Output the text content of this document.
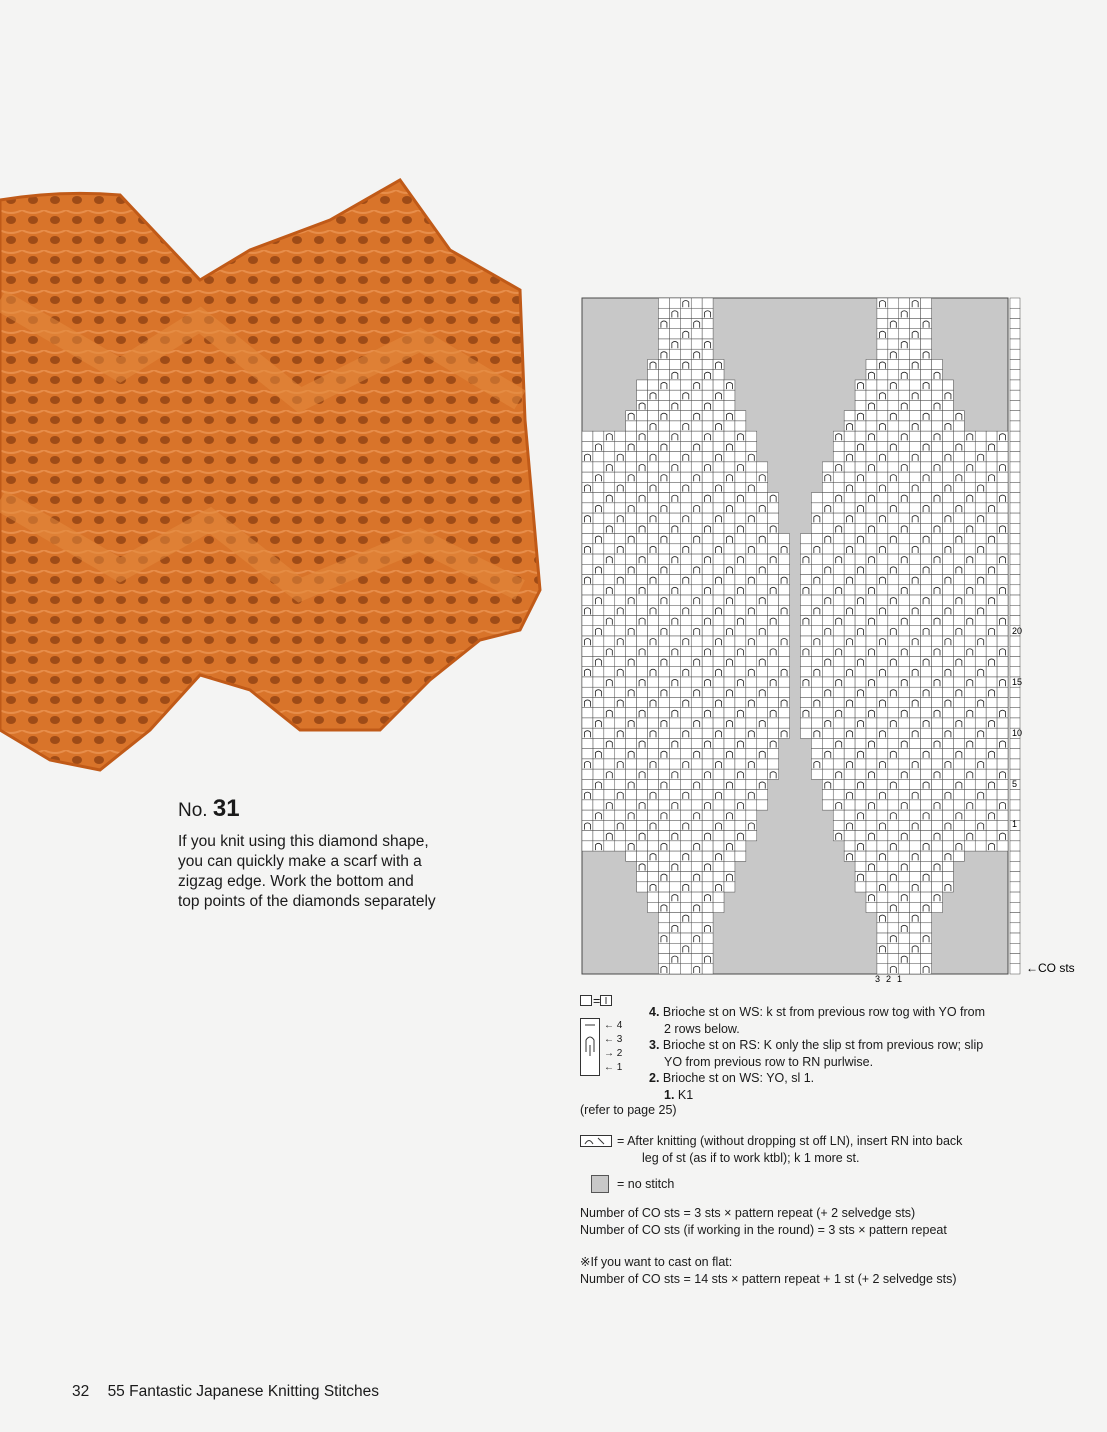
No. 31
If you knit using this diamond shape, you can quickly make a scarf with a zigzag edge. Work the bottom and top points of the diamonds separately
20
15
10
5
1
3 2 1
←CO sts
=
← 4
← 3
→ 2
← 1
4. Brioche st on WS: k st from previous row tog with YO from
2 rows below.
3. Brioche st on RS: K only the slip st from previous row; slip
YO from previous row to RN purlwise.
2. Brioche st on WS: YO, sl 1.
1. K1
(refer to page 25)
= After knitting (without dropping st off LN), insert RN into back
leg of st (as if to work ktbl); k 1 more st.
= no stitch
Number of CO sts = 3 sts × pattern repeat (+ 2 selvedge sts)
Number of CO sts (if working in the round) = 3 sts × pattern repeat
※If you want to cast on flat:
Number of CO sts = 14 sts × pattern repeat + 1 st (+ 2 selvedge sts)
32 55 Fantastic Japanese Knitting Stitches
